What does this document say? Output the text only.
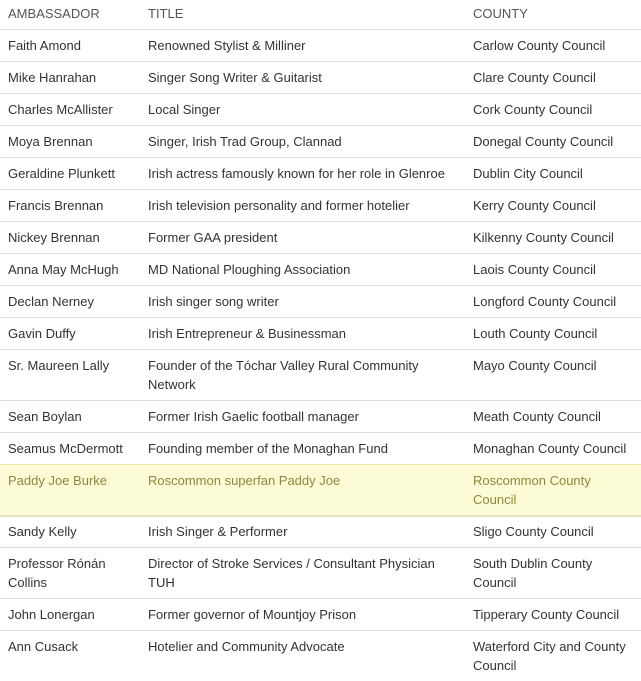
AMBASSADOR	TITLE	COUNTY
Faith Amond	Renowned Stylist & Milliner	Carlow County Council
Mike Hanrahan	Singer Song Writer & Guitarist	Clare County Council
Charles McAllister	Local Singer	Cork County Council
Moya Brennan	Singer, Irish Trad Group, Clannad	Donegal County Council
Geraldine Plunkett	Irish actress famously known for her role in Glenroe	Dublin City Council
Francis Brennan	Irish television personality and former hotelier	Kerry County Council
Nickey Brennan	Former GAA president	Kilkenny County Council
Anna May McHugh	MD National Ploughing Association	Laois County Council
Declan Nerney	Irish singer song writer	Longford County Council
Gavin Duffy	Irish Entrepreneur & Businessman	Louth County Council
Sr. Maureen Lally	Founder of the Tóchar Valley Rural Community Network	Mayo County Council
Sean Boylan	Former Irish Gaelic football manager	Meath County Council
Seamus McDermott	Founding member of the Monaghan Fund	Monaghan County Council
Paddy Joe Burke	Roscommon superfan Paddy Joe	Roscommon County Council
Sandy Kelly	Irish Singer & Performer	Sligo County Council
Professor Rónán Collins	Director of Stroke Services / Consultant Physician TUH	South Dublin County Council
John Lonergan	Former governor of Mountjoy Prison	Tipperary County Council
Ann Cusack	Hotelier and Community Advocate	Waterford City and County Council
